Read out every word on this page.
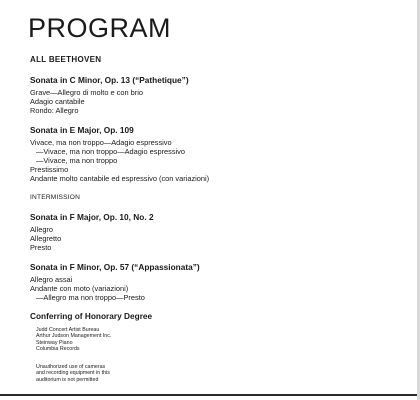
PROGRAM
ALL BEETHOVEN
Sonata in C Minor, Op. 13 (“Pathetique”)
Grave—Allegro di molto e con brio
Adagio cantabile
Rondo: Allegro
Sonata in E Major, Op. 109
Vivace, ma non troppo—Adagio espressivo
—Vivace, ma non troppo—Adagio espressivo
—Vivace, ma non troppo
Prestissimo
Andante molto cantabile ed espressivo (con variazioni)
INTERMISSION
Sonata in F Major, Op. 10, No. 2
Allegro
Allegretto
Presto
Sonata in F Minor, Op. 57 (“Appassionata”)
Allegro assai
Andante con moto (variazioni)
—Allegro ma non troppo—Presto
Conferring of Honorary Degree
Judd Concert Artist Bureau
Arthur Judson Management Inc.
Steinway Piano
Columbia Records
Unauthorized use of cameras
and recording equipment in this
auditorium is not permitted
